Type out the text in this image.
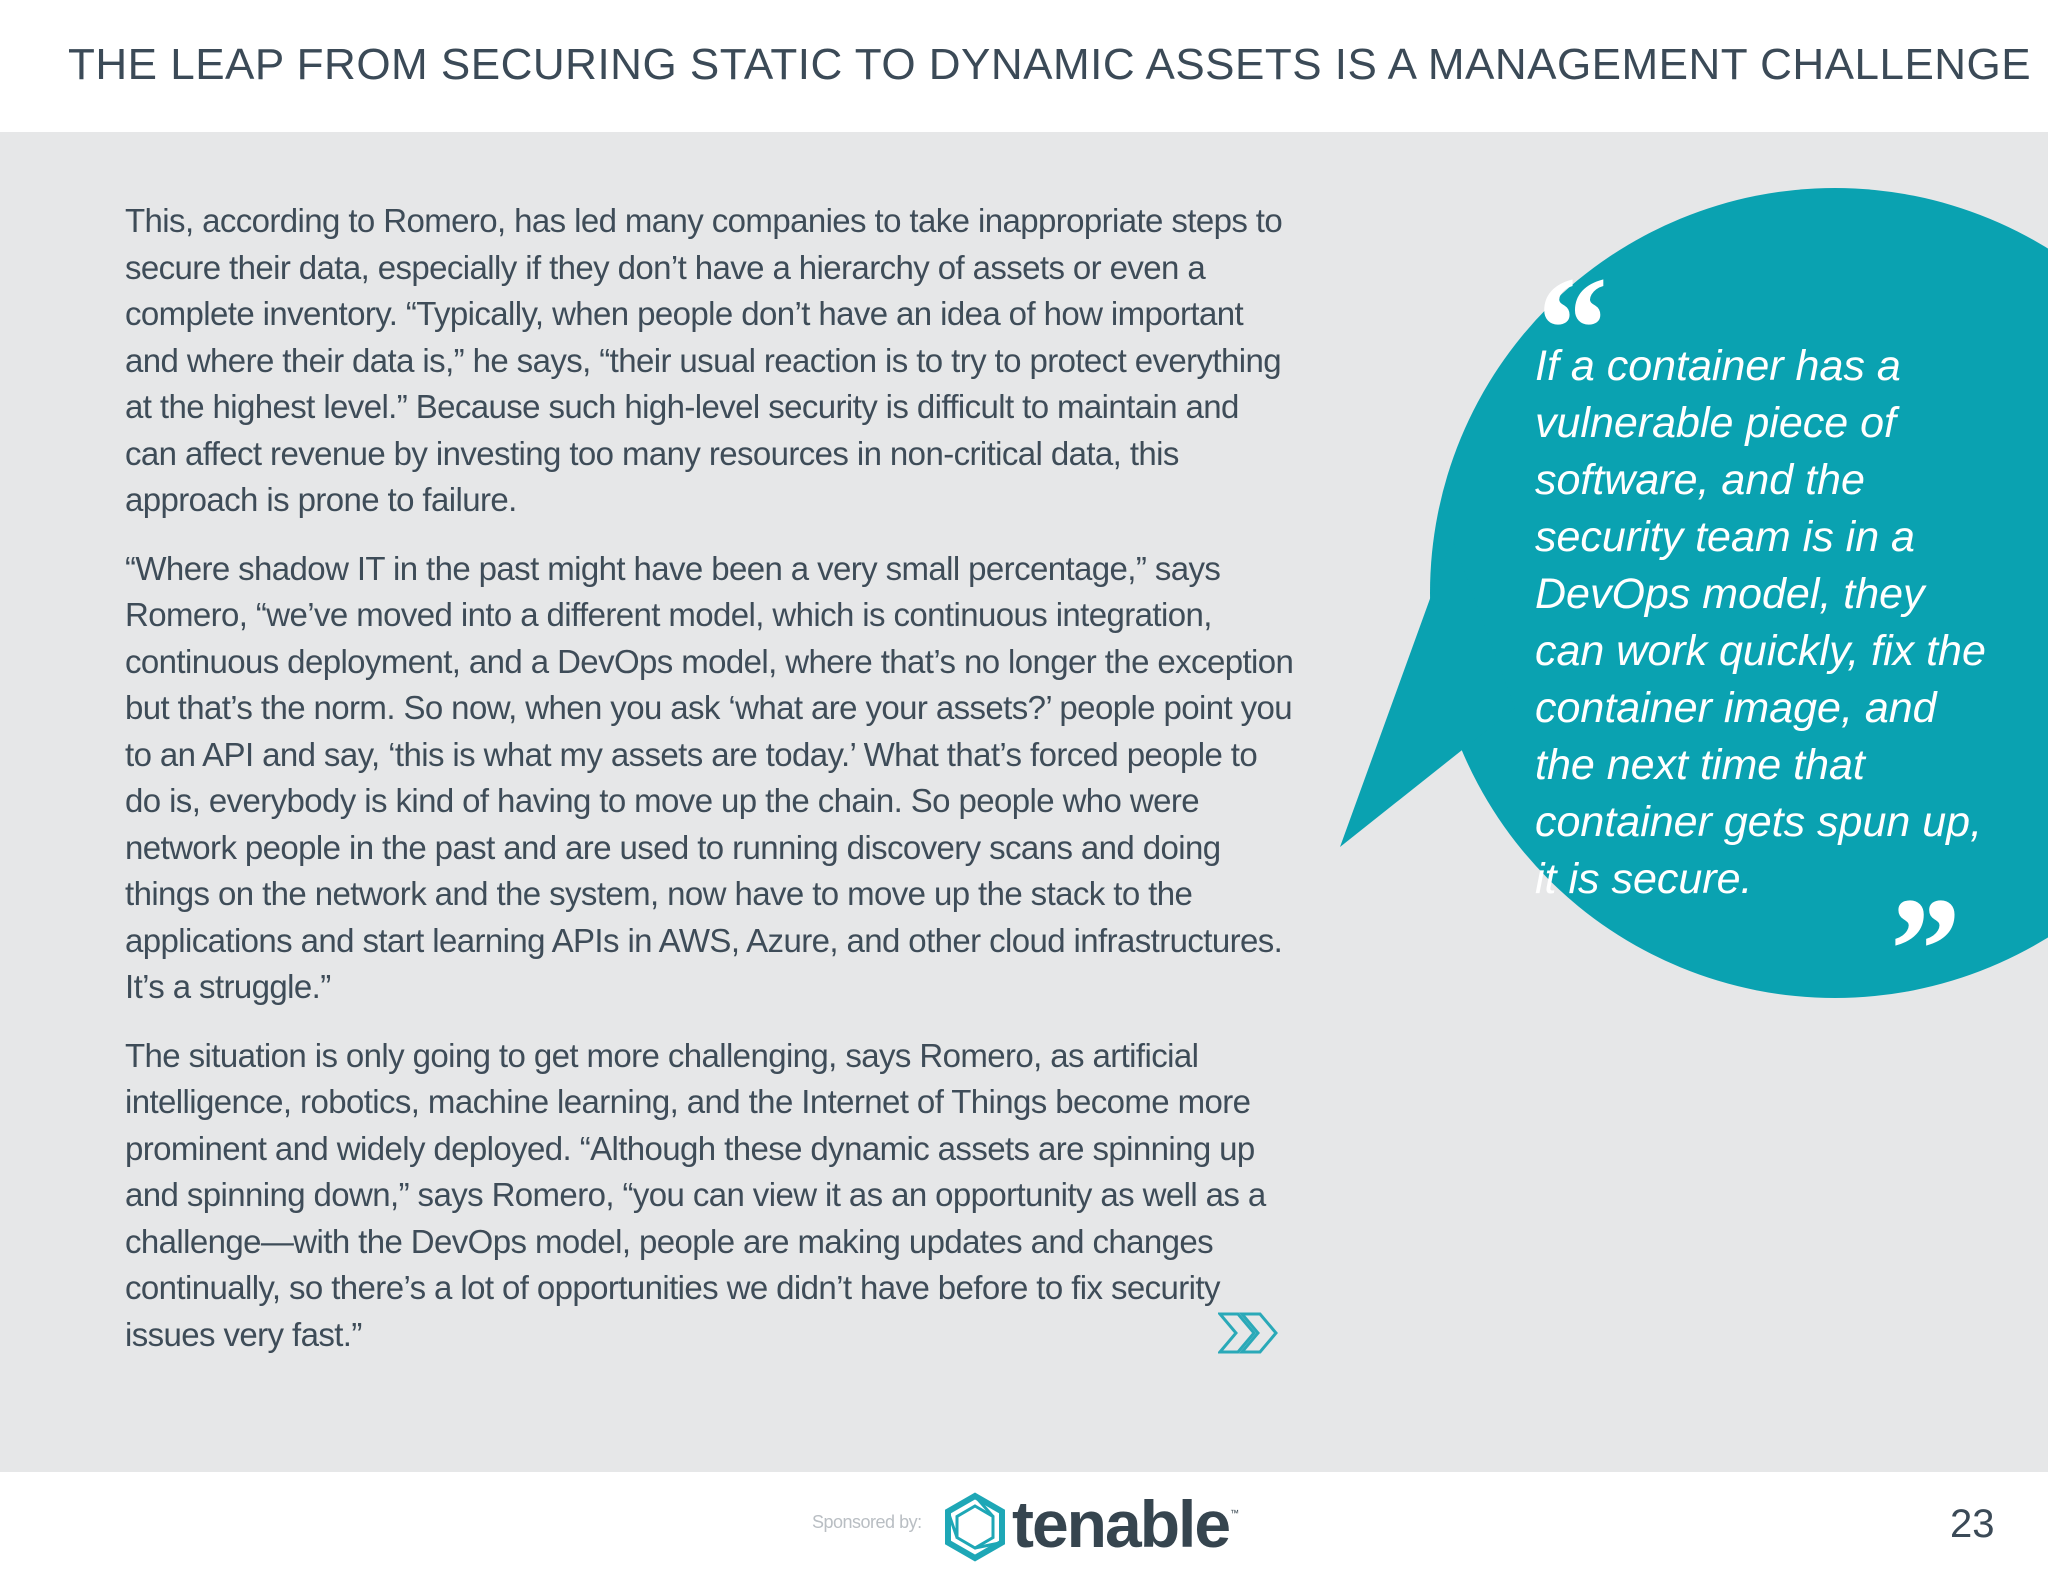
THE LEAP FROM SECURING STATIC TO DYNAMIC ASSETS IS A MANAGEMENT CHALLENGE

This, according to Romero, has led many companies to take inappropriate steps to secure their data, especially if they don’t have a hierarchy of assets or even a complete inventory. “Typically, when people don’t have an idea of how important and where their data is,” he says, “their usual reaction is to try to protect everything at the highest level.” Because such high-level security is difficult to maintain and can affect revenue by investing too many resources in non-critical data, this approach is prone to failure.

“Where shadow IT in the past might have been a very small percentage,” says Romero, “we’ve moved into a different model, which is continuous integration, continuous deployment, and a DevOps model, where that’s no longer the exception but that’s the norm. So now, when you ask ‘what are your assets?’ people point you to an API and say, ‘this is what my assets are today.’ What that’s forced people to do is, everybody is kind of having to move up the chain. So people who were network people in the past and are used to running discovery scans and doing things on the network and the system, now have to move up the stack to the applications and start learning APIs in AWS, Azure, and other cloud infrastructures. It’s a struggle.”

The situation is only going to get more challenging, says Romero, as artificial intelligence, robotics, machine learning, and the Internet of Things become more prominent and widely deployed. “Although these dynamic assets are spinning up and spinning down,” says Romero, “you can view it as an opportunity as well as a challenge—with the DevOps model, people are making updates and changes continually, so there’s a lot of opportunities we didn’t have before to fix security issues very fast.”

“
If a container has a vulnerable piece of software, and the security team is in a DevOps model, they can work quickly, fix the container image, and the next time that container gets spun up, it is secure. ”
Sponsored by: tenable ™	23
